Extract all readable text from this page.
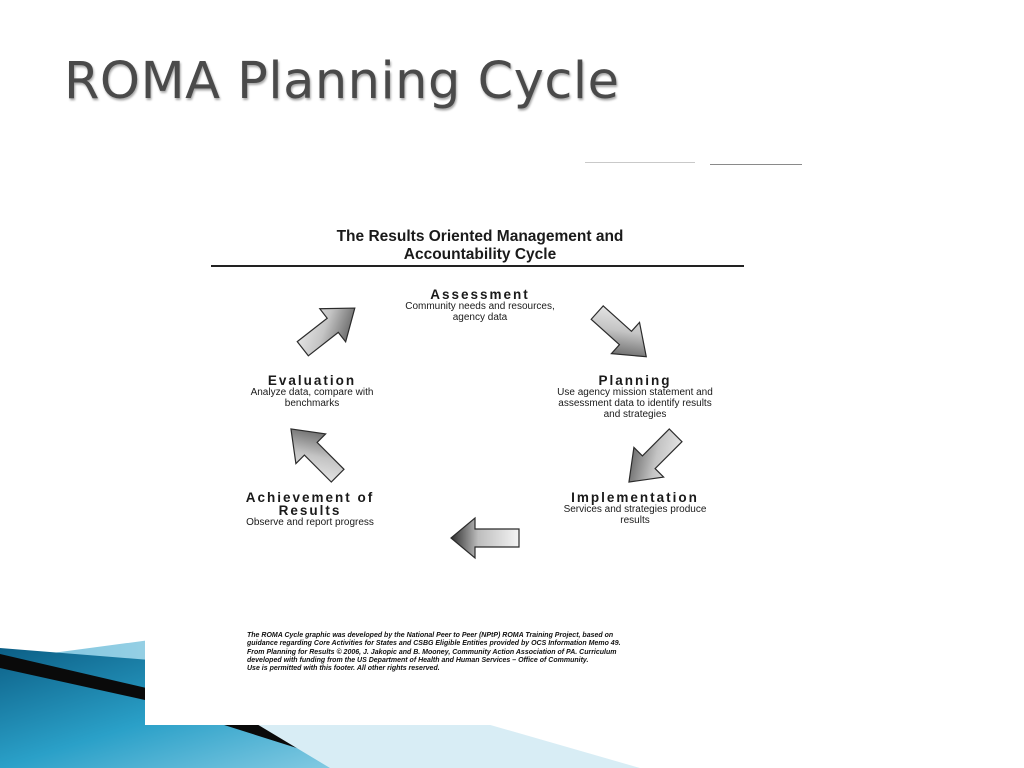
ROMA Planning Cycle
The Results Oriented Management and
Accountability Cycle
Assessment
Community needs and resources,
agency data
Planning
Use agency mission statement and
assessment data to identify results
and strategies
Evaluation
Analyze data, compare with
benchmarks
Implementation
Services and strategies produce
results
Achievement of
Results
Observe and report progress
The ROMA Cycle graphic was developed by the National Peer to Peer (NPtP) ROMA Training Project, based on
guidance regarding Core Activities for States and CSBG Eligible Entities provided by OCS Information Memo 49.
From Planning for Results © 2006, J. Jakopic and B. Mooney, Community Action Association of PA. Curriculum
developed with funding from the US Department of Health and Human Services – Office of Community.
Use is permitted with this footer. All other rights reserved.
